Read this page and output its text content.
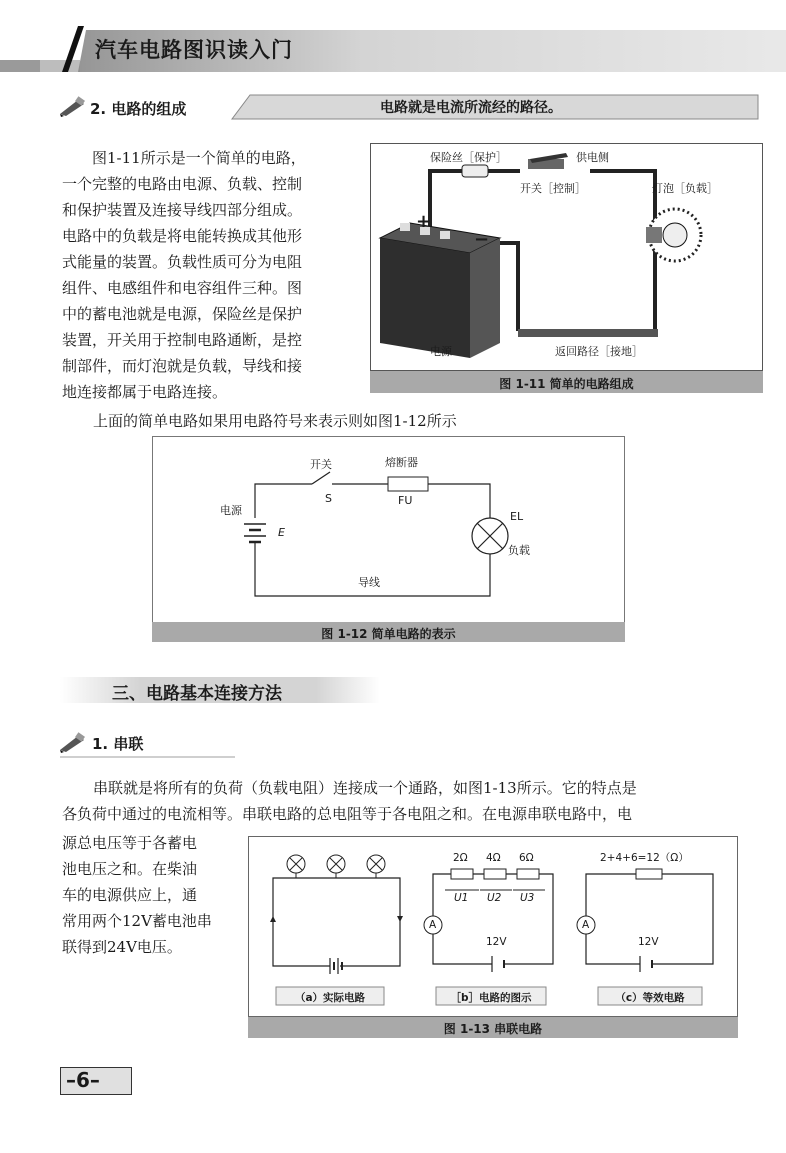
汽车电路图识读入门
2. 电路的组成	电路就是电流所流经的路径。
图1-11所示是一个简单的电路，
一个完整的电路由电源、负载、控制
和保护装置及连接导线四部分组成。
电路中的负载是将电能转换成其他形
式能量的装置。负载性质可分为电阻
组件、电感组件和电容组件三种。图
中的蓄电池就是电源，保险丝是保护
装置，开关用于控制电路通断，是控
制部件，而灯泡就是负载，导线和接
地连接都属于电路连接。
保险丝［保护］	供电侧
开关［控制］	灯泡［负载］
+
−
电源	返回路径［接地］
图 1-11 简单的电路组成
上面的简单电路如果用电路符号来表示则如图1-12所示
开关	熔断器
S	FU
电源
E
EL
负载
导线
图 1-12 简单电路的表示
三、电路基本连接方法
1. 串联
串联就是将所有的负荷（负载电阻）连接成一个通路，如图1-13所示。它的特点是
各负荷中通过的电流相等。串联电路的总电阻等于各电阻之和。在电源串联电路中，电
源总电压等于各蓄电
池电压之和。在柴油
车的电源供应上，通
常用两个12V蓄电池串
联得到24V电压。
2Ω 4Ω 6Ω
U1 U2 U3
A	A
12V	12V
2+4+6=12（Ω）
（a）实际电路	［b］电路的图示	（c）等效电路
图 1-13 串联电路
–6–
